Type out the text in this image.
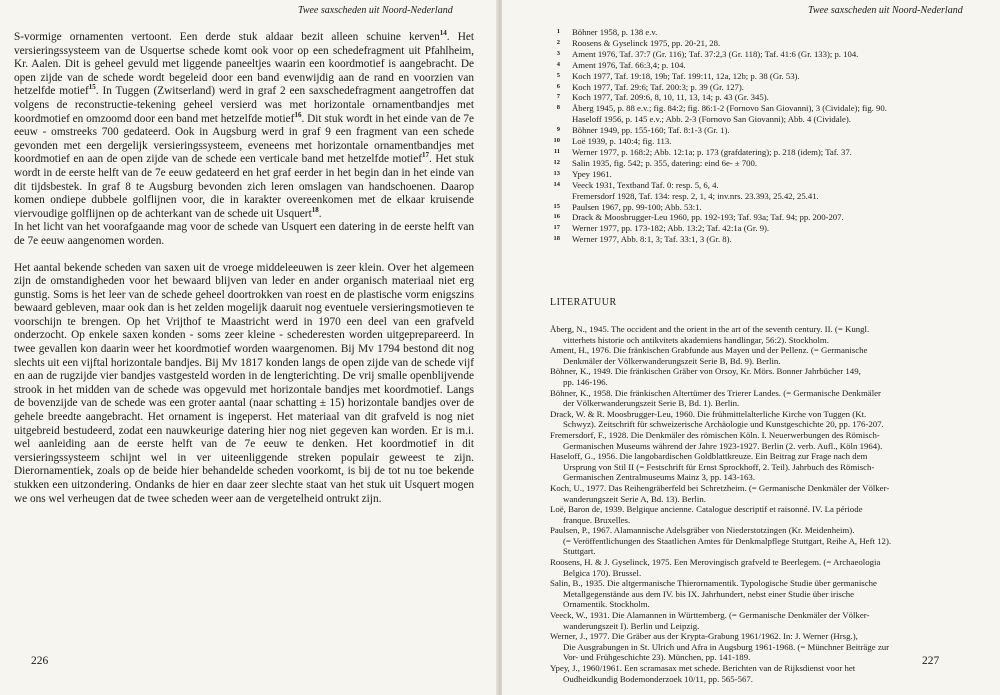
Twee saxscheden uit Noord-Nederland

S-vormige ornamenten vertoont. Een derde stuk aldaar bezit alleen schuine kerven$^{14}$. Het versieringssysteem van de Usquertse schede komt ook voor op een schedefragment uit Pfahlheim, Kr. Aalen. Dit is geheel gevuld met liggende paneeltjes waarin een koordmotief is aangebracht. De open zijde van de schede wordt begeleid door een band evenwijdig aan de rand en voorzien van hetzelfde motief$^{15}$. In Tuggen (Zwitserland) werd in graf 2 een saxschedefragment aangetroffen dat volgens de reconstructie-tekening geheel versierd was met horizontale ornamentbandjes met koordmotief en omzoomd door een band met hetzelfde motief$^{16}$. Dit stuk wordt in het einde van de 7e eeuw - omstreeks 700 gedateerd. Ook in Augsburg werd in graf 9 een fragment van een schede gevonden met een dergelijk versieringssysteem, eveneens met horizontale ornamentbandjes met koordmotief en aan de open zijde van de schede een verticale band met hetzelfde motief$^{17}$. Het stuk wordt in de eerste helft van de 7e eeuw gedateerd en het graf eerder in het begin dan in het einde van dit tijdsbestek. In graf 8 te Augsburg bevonden zich leren omslagen van handschoenen. Daarop komen ondiepe dubbele golflijnen voor, die in karakter overeenkomen met de elkaar kruisende viervoudige golflijnen op de achterkant van de schede uit Usquert$^{18}$.

In het licht van het voorafgaande mag voor de schede van Usquert een datering in de eerste helft van de 7e eeuw aangenomen worden.

Het aantal bekende scheden van saxen uit de vroege middeleeuwen is zeer klein. Over het algemeen zijn de omstandigheden voor het bewaard blijven van leder en ander organisch materiaal niet erg gunstig. Soms is het leer van de schede geheel doortrokken van roest en de plastische vorm enigszins bewaard gebleven, maar ook dan is het zelden mogelijk daaruit nog eventuele versieringsmotieven te voorschijn te brengen. Op het Vrijthof te Maastricht werd in 1970 een deel van een grafveld onderzocht. Op enkele saxen konden - soms zeer kleine - schederesten worden uitgeprepareerd. In twee gevallen kon daarin weer het koordmotief worden waargenomen. Bij Mv 1794 bestond dit nog slechts uit een vijftal horizontale bandjes. Bij Mv 1817 konden langs de open zijde van de schede vijf en aan de rugzijde vier bandjes vastgesteld worden in de lengterichting. De vrij smalle openblijvende strook in het midden van de schede was opgevuld met horizontale bandjes met koordmotief. Langs de bovenzijde van de schede was een groter aantal (naar schatting ± 15) horizontale bandjes over de gehele breedte aangebracht. Het ornament is ingeperst. Het materiaal van dit grafveld is nog niet uitgebreid bestudeerd, zodat een nauwkeurige datering hier nog niet gegeven kan worden. Er is m.i. wel aanleiding aan de eerste helft van de 7e eeuw te denken. Het koordmotief in dit versieringssysteem schijnt wel in ver uiteenliggende streken populair geweest te zijn. Dierornamentiek, zoals op de beide hier behandelde scheden voorkomt, is bij de tot nu toe bekende stukken een uitzondering. Ondanks de hier en daar zeer slechte staat van het stuk uit Usquert mogen we ons wel verheugen dat de twee scheden weer aan de vergetelheid ontrukt zijn.

226
Twee saxscheden uit Noord-Nederland
1 Böhner 1958, p. 138 e.v.
2 Roosens & Gyselinck 1975, pp. 20-21, 28.
3 Ament 1976, Taf. 37:7 (Gr. 116); Taf. 37:2,3 (Gr. 118); Taf. 41:6 (Gr. 133); p. 104.
4 Ament 1976, Taf. 66:3,4; p. 104.
5 Koch 1977, Taf. 19:18, 19b; Taf. 199:11, 12a, 12b; p. 38 (Gr. 53).
6 Koch 1977, Taf. 29:6; Taf. 200:3; p. 39 (Gr. 127).
7 Koch 1977, Taf. 209:6, 8, 10, 11, 13, 14; p. 43 (Gr. 345).
8 Åberg 1945, p. 88 e.v.; fig. 84:2; fig. 86:1-2 (Fornovo San Giovanni), 3 (Cividale); fig. 90.
Haseloff 1956, p. 145 e.v.; Abb. 2-3 (Fornovo San Giovanni); Abb. 4 (Cividale).
9 Böhner 1949, pp. 155-160; Taf. 8:1-3 (Gr. 1).
10 Loë 1939, p. 140:4; fig. 113.
11 Werner 1977, p. 168:2; Abb. 12:1a; p. 173 (grafdatering); p. 218 (idem); Taf. 37.
12 Salin 1935, fig. 542; p. 355, datering: eind 6e- ± 700.
13 Ypey 1961.
14 Veeck 1931, Textband Taf. 0: resp. 5, 6, 4.
Fremersdorf 1928, Taf. 134: resp. 2, 1, 4; inv.nrs. 23.393, 25.42, 25.41.
15 Paulsen 1967, pp. 99-100; Abb. 53:1.
16 Drack & Moosbrugger-Leu 1960, pp. 192-193; Taf. 93a; Taf. 94; pp. 200-207.
17 Werner 1977, pp. 173-182; Abb. 13:2; Taf. 42:1a (Gr. 9).
18 Werner 1977, Abb. 8:1, 3; Taf. 33:1, 3 (Gr. 8).
LITERATUUR
Åberg, N., 1945. The occident and the orient in the art of the seventh century. II. (= Kungl.
vitterhets historie och antikvitets akademiens handlingar, 56:2). Stockholm.
Ament, H., 1976. Die fränkischen Grabfunde aus Mayen und der Pellenz. (= Germanische
Denkmäler der Völkerwanderungszeit Serie B, Bd. 9). Berlin.
Böhner, K., 1949. Die fränkischen Gräber von Orsoy, Kr. Mörs. Bonner Jahrbücher 149,
pp. 146-196.
Böhner, K., 1958. Die fränkischen Altertümer des Trierer Landes. (= Germanische Denkmäler
der Völkerwanderungszeit Serie B, Bd. 1). Berlin.
Drack, W. & R. Moosbrugger-Leu, 1960. Die frühmittelalterliche Kirche von Tuggen (Kt.
Schwyz). Zeitschrift für schweizerische Archäologie und Kunstgeschichte 20, pp. 176-207.
Fremersdorf, F., 1928. Die Denkmäler des römischen Köln. I. Neuerwerbungen des Römisch-
Germanischen Museums während der Jahre 1923-1927. Berlin (2. verb. Aufl., Köln 1964).
Haseloff, G., 1956. Die langobardischen Goldblattkreuze. Ein Beitrag zur Frage nach dem
Ursprung von Stil II (= Festschrift für Ernst Sprockhoff, 2. Teil). Jahrbuch des Römisch-
Germanischen Zentralmuseums Mainz 3, pp. 143-163.
Koch, U., 1977. Das Reihengräberfeld bei Schretzheim. (= Germanische Denkmäler der Völker-
wanderungszeit Serie A, Bd. 13). Berlin.
Loë, Baron de, 1939. Belgique ancienne. Catalogue descriptif et raisonné. IV. La période
franque. Bruxelles.
Paulsen, P., 1967. Alamannische Adelsgräber von Niederstotzingen (Kr. Meidenheim).
(= Veröffentlichungen des Staatlichen Amtes für Denkmalpflege Stuttgart, Reihe A, Heft 12).
Stuttgart.
Roosens, H. & J. Gyselinck, 1975. Een Merovingisch grafveld te Beerlegem. (= Archaeologia
Belgica 170). Brussel.
Salin, B., 1935. Die altgermanische Thierornamentik. Typologische Studie über germanische
Metallgegenstände aus dem IV. bis IX. Jahrhundert, nebst einer Studie über irische
Ornamentik. Stockholm.
Veeck, W., 1931. Die Alamannen in Württemberg. (= Germanische Denkmäler der Völker-
wanderungszeit I). Berlin und Leipzig.
Werner, J., 1977. Die Gräber aus der Krypta-Grabung 1961/1962. In: J. Werner (Hrsg.),
Die Ausgrabungen in St. Ulrich und Afra in Augsburg 1961-1968. (= Münchner Beiträge zur
Vor- und Frühgeschichte 23). München, pp. 141-189.
Ypey, J., 1960/1961. Een scramasax met schede. Berichten van de Rijksdienst voor het
Oudheidkundig Bodemonderzoek 10/11, pp. 565-567.
227
